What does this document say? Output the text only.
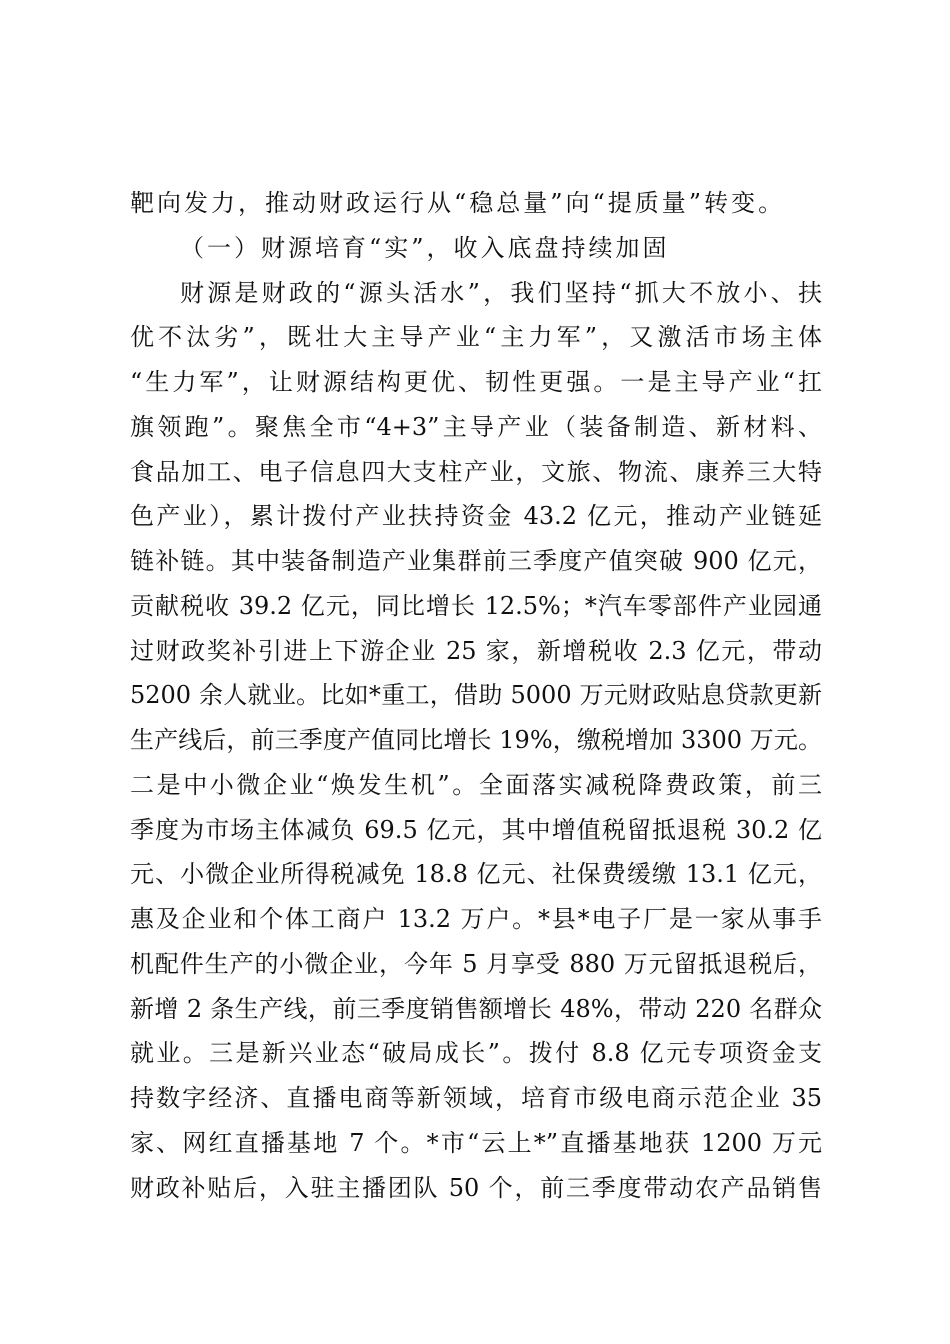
靶向发力，推动财政运行从“稳总量”向“提质量”转变。
（一）财源培育“实”，收入底盘持续加固
财源是财政的“源头活水”，我们坚持“抓大不放小、扶
优不汰劣”，既壮大主导产业“主力军”，又激活市场主体
“生力军”，让财源结构更优、韧性更强。一是主导产业“扛
旗领跑”。聚焦全市“4+3”主导产业（装备制造、新材料、
食品加工、电子信息四大支柱产业，文旅、物流、康养三大特
色产业），累计拨付产业扶持资金 43.2 亿元，推动产业链延
链补链。其中装备制造产业集群前三季度产值突破 900 亿元，
贡献税收 39.2 亿元，同比增长 12.5%；*汽车零部件产业园通
过财政奖补引进上下游企业 25 家，新增税收 2.3 亿元，带动
5200 余人就业。比如*重工，借助 5000 万元财政贴息贷款更新
生产线后，前三季度产值同比增长 19%，缴税增加 3300 万元。
二是中小微企业“焕发生机”。全面落实减税降费政策，前三
季度为市场主体减负 69.5 亿元，其中增值税留抵退税 30.2 亿
元、小微企业所得税减免 18.8 亿元、社保费缓缴 13.1 亿元，
惠及企业和个体工商户 13.2 万户。*县*电子厂是一家从事手
机配件生产的小微企业，今年 5 月享受 880 万元留抵退税后，
新增 2 条生产线，前三季度销售额增长 48%，带动 220 名群众
就业。三是新兴业态“破局成长”。拨付 8.8 亿元专项资金支
持数字经济、直播电商等新领域，培育市级电商示范企业 35
家、网红直播基地 7 个。*市“云上*”直播基地获 1200 万元
财政补贴后，入驻主播团队 50 个，前三季度带动农产品销售
